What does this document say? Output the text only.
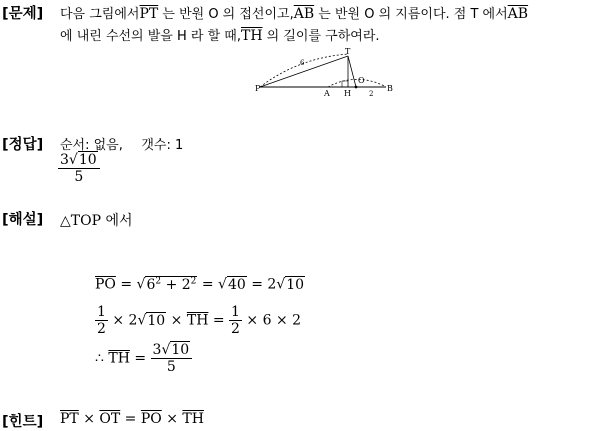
[문제] 다음 그림에서$\overline{PT}$ 는 반원 O 의 접선이고$,\overline{AB}$ 는 반원 O 의 지름이다. 점 T 에서$\overline{AB}$
에 내린 수선의 발을 H 라 할 때$,\overline{TH}$ 의 길이를 구하여라.
P
T
A H
O
B
6
2
[정답] 순서: 없음, 갯수: 1
$\frac{3√10}{5}$
[해설] △TOP 에서
$\overline{PO} = √6^2 + 2^2 = √40 = 2√10$
$\frac{1}{2} \times 2√10 \times \overline{TH} = \frac{1}{2} \times 6 \times 2$
∴ $\overline{TH} = \frac{3√10}{5}$
[힌트] $\overline{PT} \times \overline{OT} = \overline{PO} \times \overline{TH}$
